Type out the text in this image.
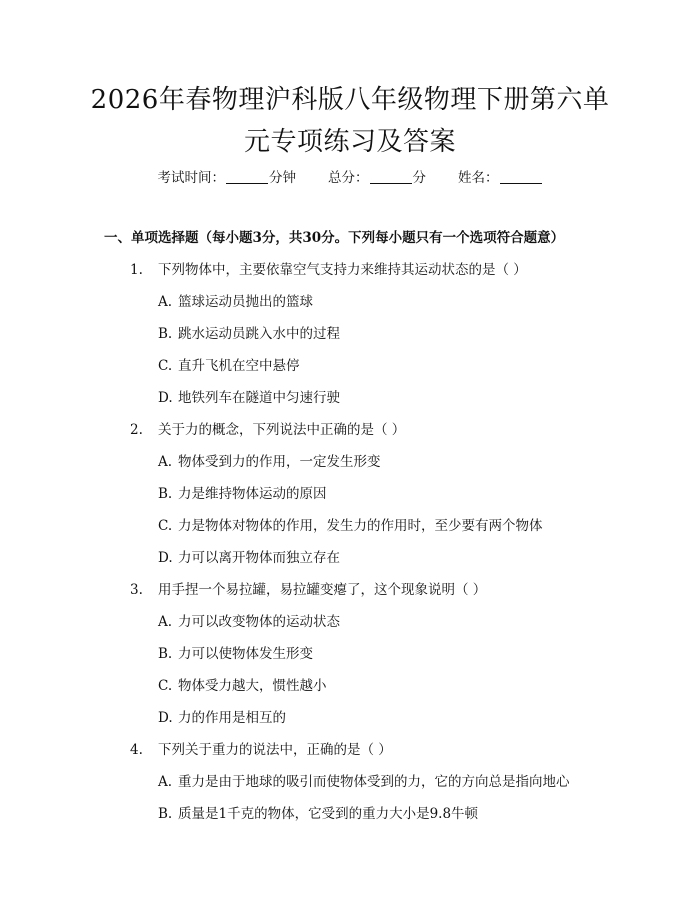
2026年春物理沪科版八年级物理下册第六单
元专项练习及答案
考试时间：	分钟 总分：	分 姓名：
一、单项选择题（每小题3分，共30分。下列每小题只有一个选项符合题意）
1. 下列物体中，主要依靠空气支持力来维持其运动状态的是（ ）
A. 篮球运动员抛出的篮球
B. 跳水运动员跳入水中的过程
C. 直升飞机在空中悬停
D. 地铁列车在隧道中匀速行驶
2. 关于力的概念，下列说法中正确的是（ ）
A. 物体受到力的作用，一定发生形变
B. 力是维持物体运动的原因
C. 力是物体对物体的作用，发生力的作用时，至少要有两个物体
D. 力可以离开物体而独立存在
3. 用手捏一个易拉罐，易拉罐变瘪了，这个现象说明（ ）
A. 力可以改变物体的运动状态
B. 力可以使物体发生形变
C. 物体受力越大，惯性越小
D. 力的作用是相互的
4. 下列关于重力的说法中，正确的是（ ）
A. 重力是由于地球的吸引而使物体受到的力，它的方向总是指向地心
B. 质量是1千克的物体，它受到的重力大小是9.8牛顿
